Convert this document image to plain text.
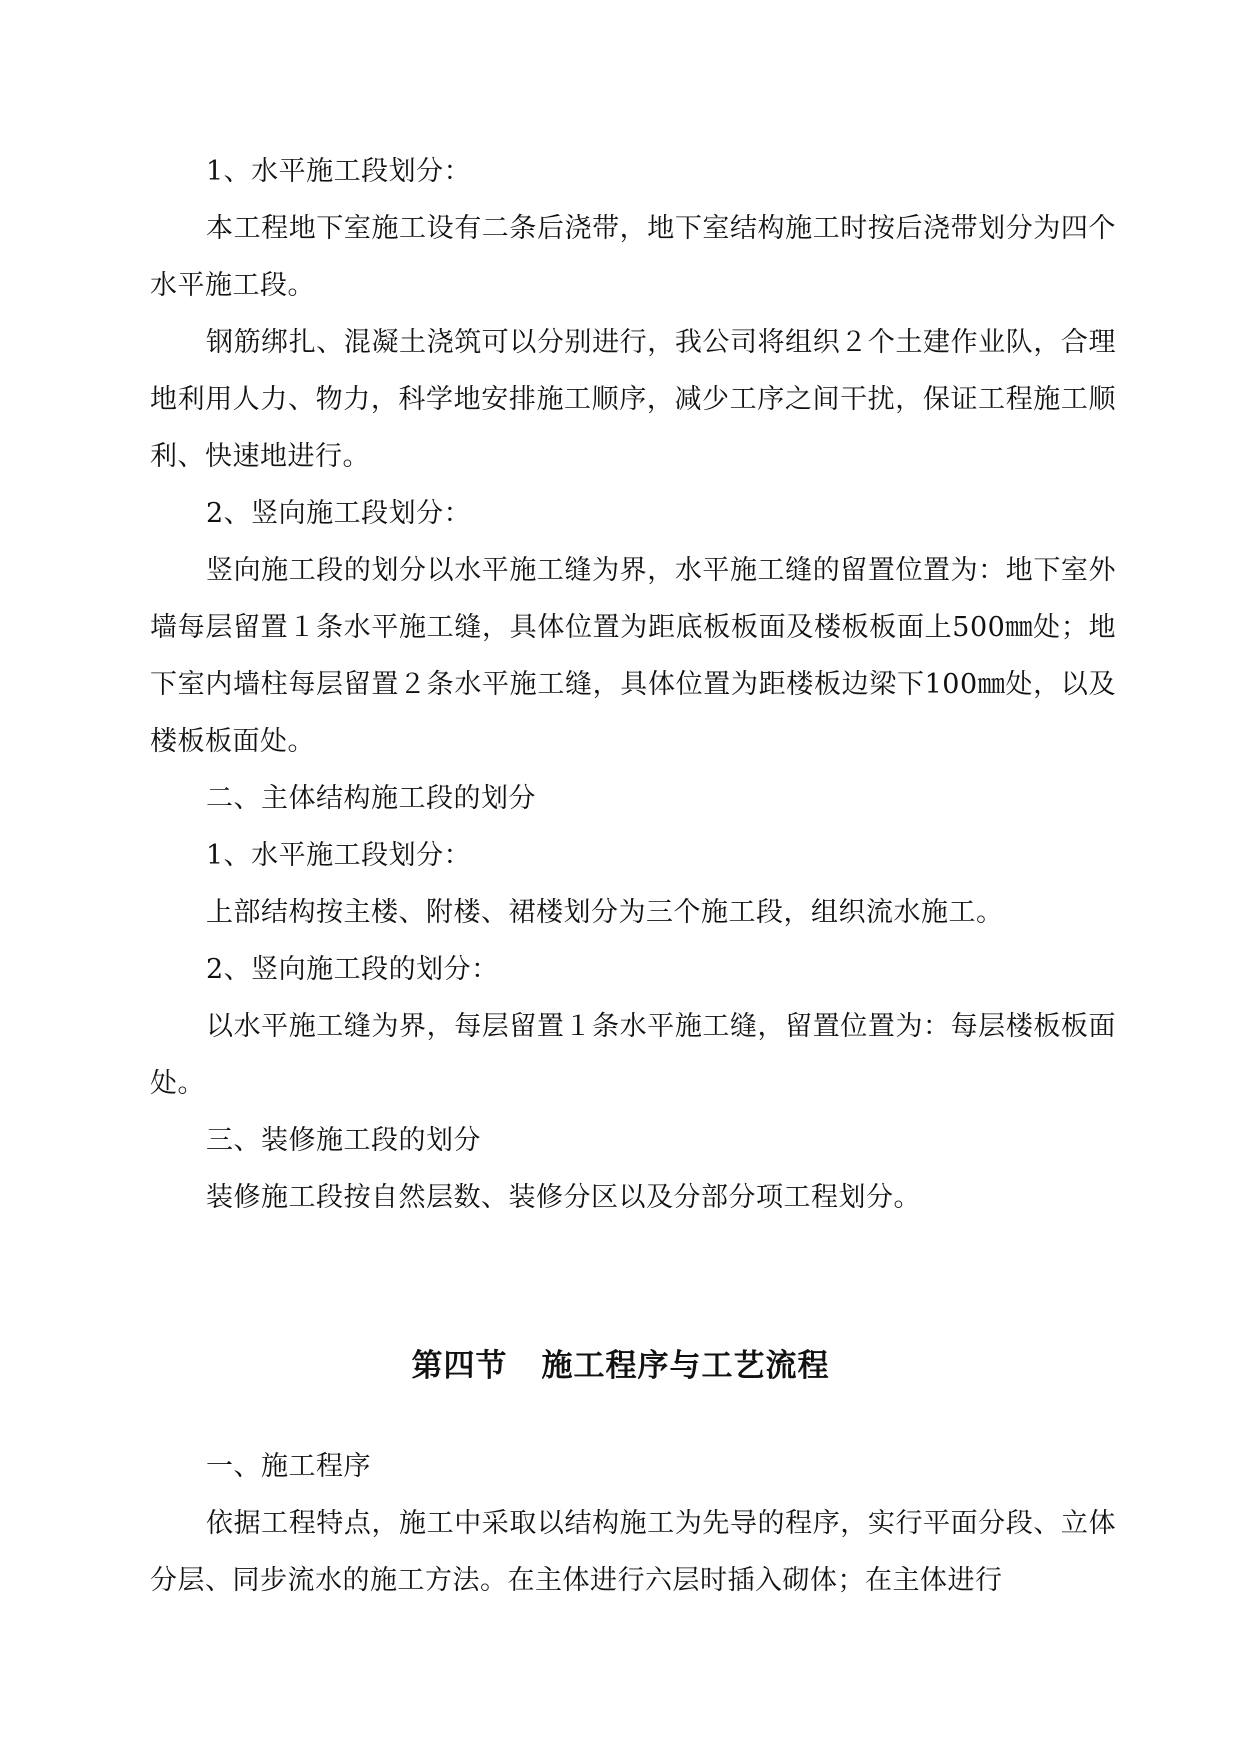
1、水平施工段划分：

本工程地下室施工设有二条后浇带，地下室结构施工时按后浇带划分为四个水平施工段。

钢筋绑扎、混凝土浇筑可以分别进行，我公司将组织２个土建作业队，合理地利用人力、物力，科学地安排施工顺序，减少工序之间干扰，保证工程施工顺利、快速地进行。

2、竖向施工段划分：

竖向施工段的划分以水平施工缝为界，水平施工缝的留置位置为：地下室外墙每层留置１条水平施工缝，具体位置为距底板板面及楼板板面上500㎜处；地下室内墙柱每层留置２条水平施工缝，具体位置为距楼板边梁下100㎜处，以及楼板板面处。

二、主体结构施工段的划分

1、水平施工段划分：

上部结构按主楼、附楼、裙楼划分为三个施工段，组织流水施工。

2、竖向施工段的划分：

以水平施工缝为界，每层留置１条水平施工缝，留置位置为：每层楼板板面处。

三、装修施工段的划分

装修施工段按自然层数、装修分区以及分部分项工程划分。

第四节 施工程序与工艺流程

一、施工程序

依据工程特点，施工中采取以结构施工为先导的程序，实行平面分段、立体分层、同步流水的施工方法。在主体进行六层时插入砌体；在主体进行
